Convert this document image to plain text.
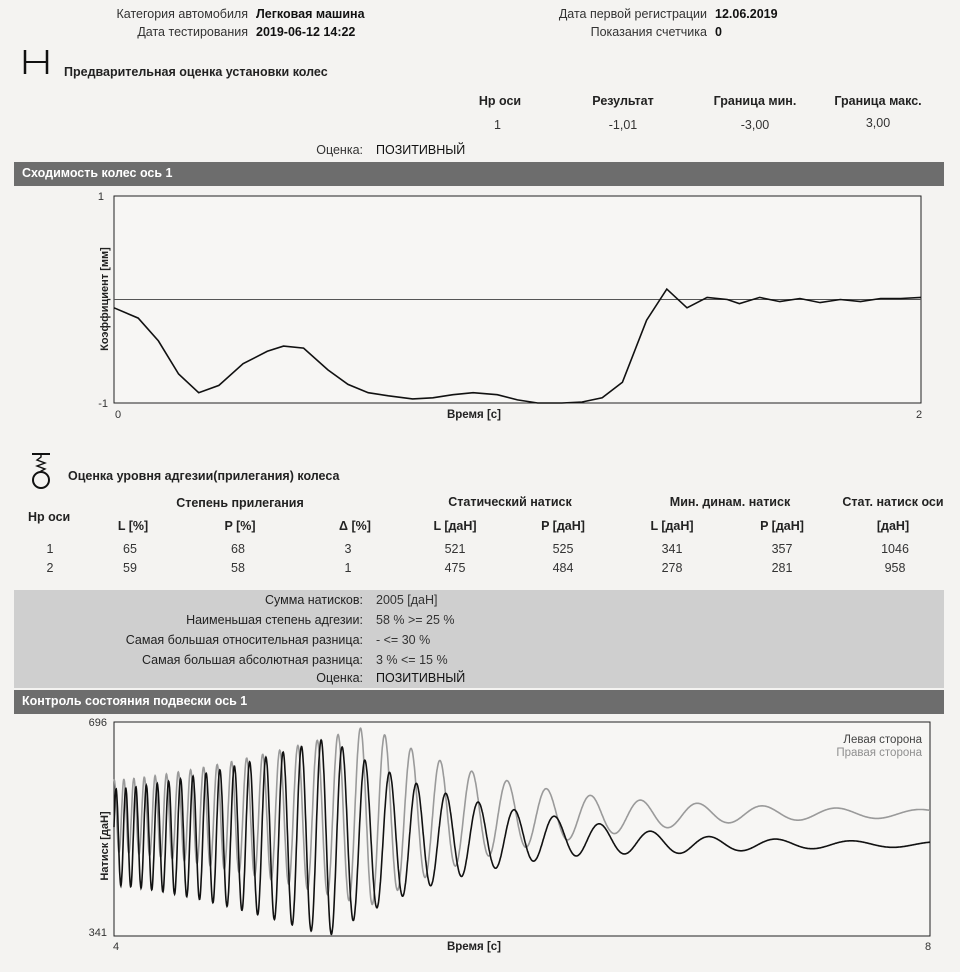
Категория автомобиля Легковая машина
Дата тестирования 2019-06-12 14:22
Дата первой регистрации 12.06.2019
Показания счетчика 0
Предварительная оценка установки колес
Нр оси	Результат	Граница мин.	Граница макс.
1	-1,01	-3,00	3,00
Оценка: ПОЗИТИВНЫЙ
Сходимость колес ось 1
1
-1
0	2
Время [с]
Коэффициент [мм]
Оценка уровня адгезии(прилегания) колеса
Нр оси
Степень прилегания	Статический натиск	Мин. динам. натиск	Стат. натиск оси
L [%]	P [%]	Δ [%]	L [даН]	P [даН]	L [даН]	P [даН]	[даН]
1	65	68	3	521	525	341	357	1046
2	59	58	1	475	484	278	281	958
Сумма натисков: 2005 [даН]
Наименьшая степень адгезии: 58 % >= 25 %
Самая большая относительная разница: - <= 30 %
Самая большая абсолютная разница: 3 % <= 15 %
Оценка: ПОЗИТИВНЫЙ
Контроль состояния подвески ось 1
696
341
4	8
Время [с]
Натиск [даН]
Левая сторона
Правая сторона
